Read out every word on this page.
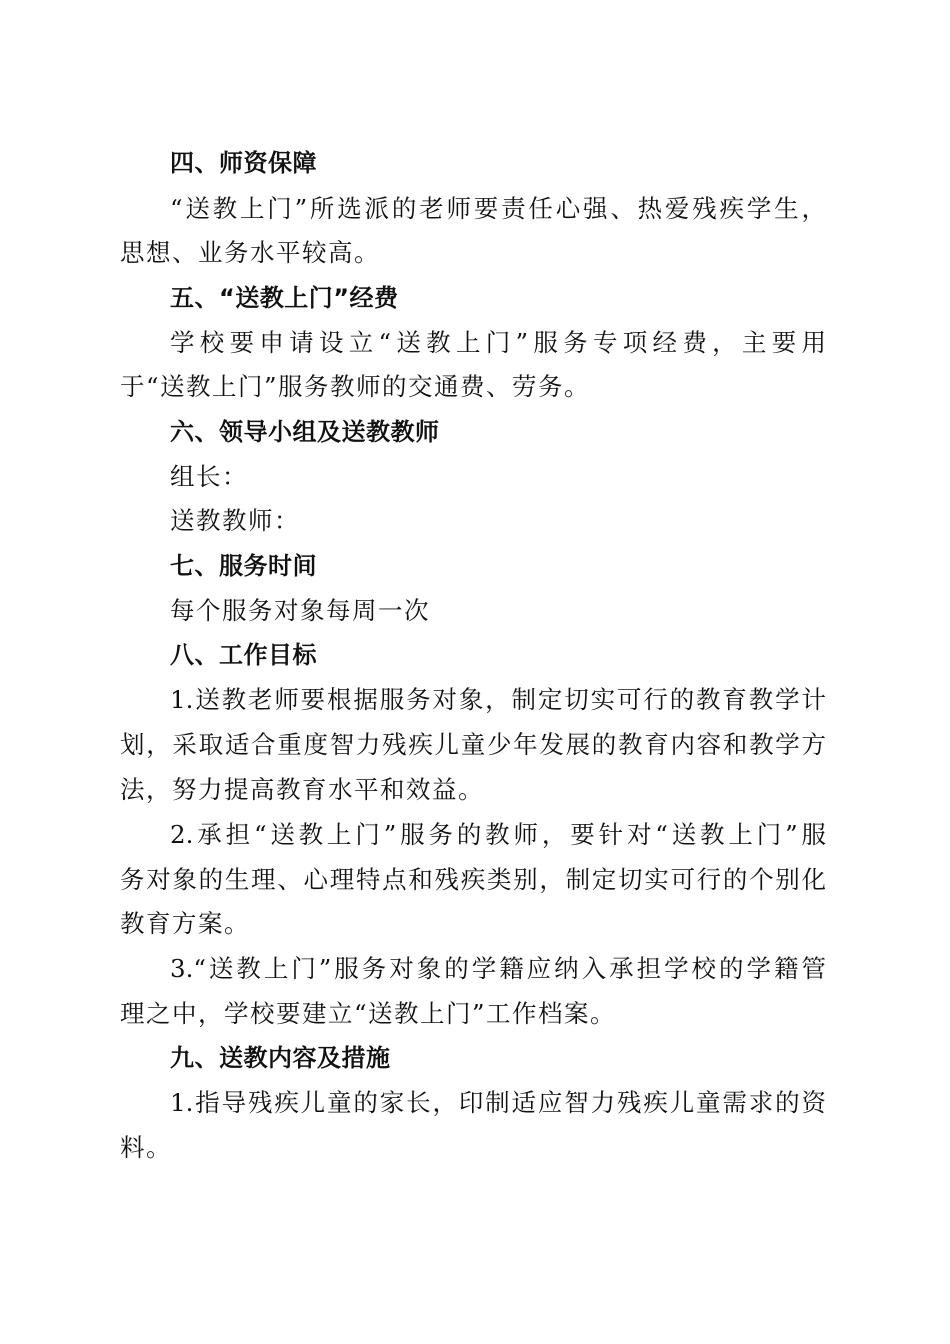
四、师资保障
“送教上门”所选派的老师要责任心强、热爱残疾学生，
思想、业务水平较高。
五、“送教上门”经费
学校要申请设立“送教上门”服务专项经费，主要用
于“送教上门”服务教师的交通费、劳务。
六、领导小组及送教教师
组长：
送教教师：
七、服务时间
每个服务对象每周一次
八、工作目标
1.送教老师要根据服务对象，制定切实可行的教育教学计
划，采取适合重度智力残疾儿童少年发展的教育内容和教学方
法，努力提高教育水平和效益。
2.承担“送教上门”服务的教师，要针对“送教上门”服
务对象的生理、心理特点和残疾类别，制定切实可行的个别化
教育方案。
3.“送教上门”服务对象的学籍应纳入承担学校的学籍管
理之中，学校要建立“送教上门”工作档案。
九、送教内容及措施
1.指导残疾儿童的家长，印制适应智力残疾儿童需求的资
料。
